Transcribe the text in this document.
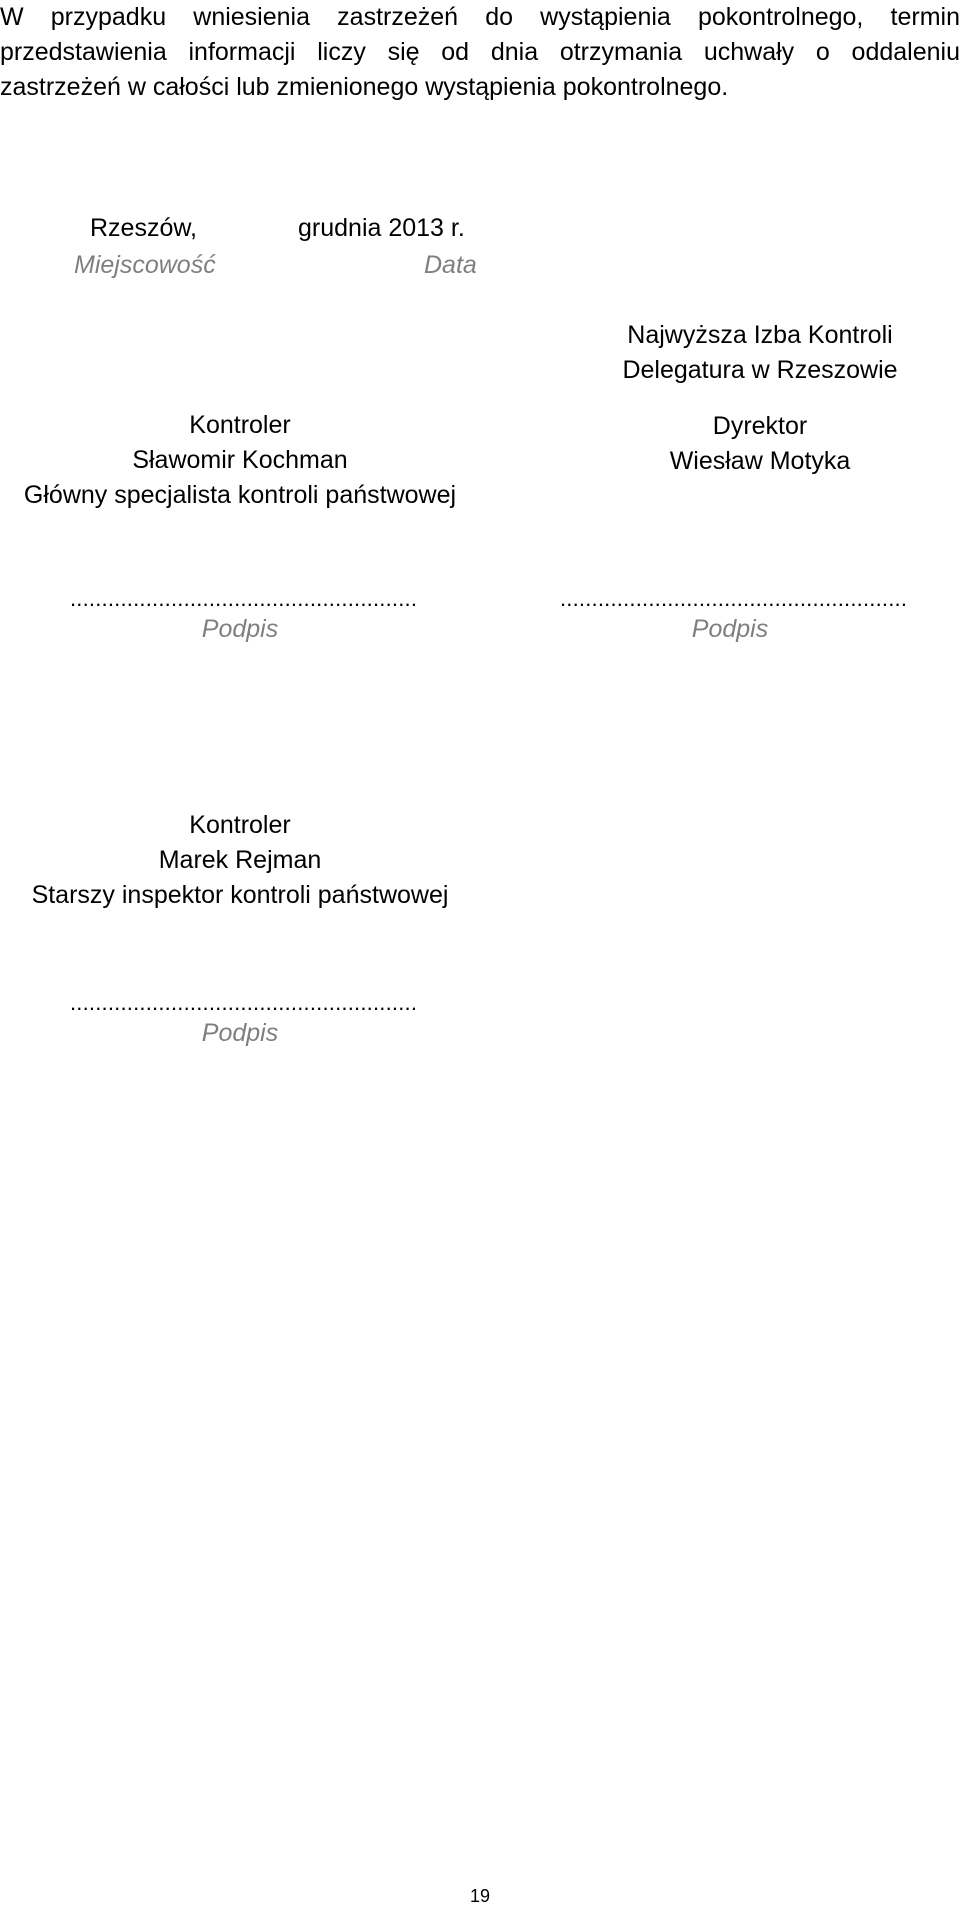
W przypadku wniesienia zastrzeżeń do wystąpienia pokontrolnego, termin
przedstawienia informacji liczy się od dnia otrzymania uchwały o oddaleniu
zastrzeżeń w całości lub zmienionego wystąpienia pokontrolnego.
Rzeszów,	grudnia 2013 r.
Miejscowość	Data
Najwyższa Izba Kontroli
Delegatura w Rzeszowie
Dyrektor
Wiesław Motyka
Kontroler
Sławomir Kochman
Główny specjalista kontroli państwowej
.......................................................
Podpis
.......................................................
Podpis
Kontroler
Marek Rejman
Starszy inspektor kontroli państwowej
.......................................................
Podpis
19
